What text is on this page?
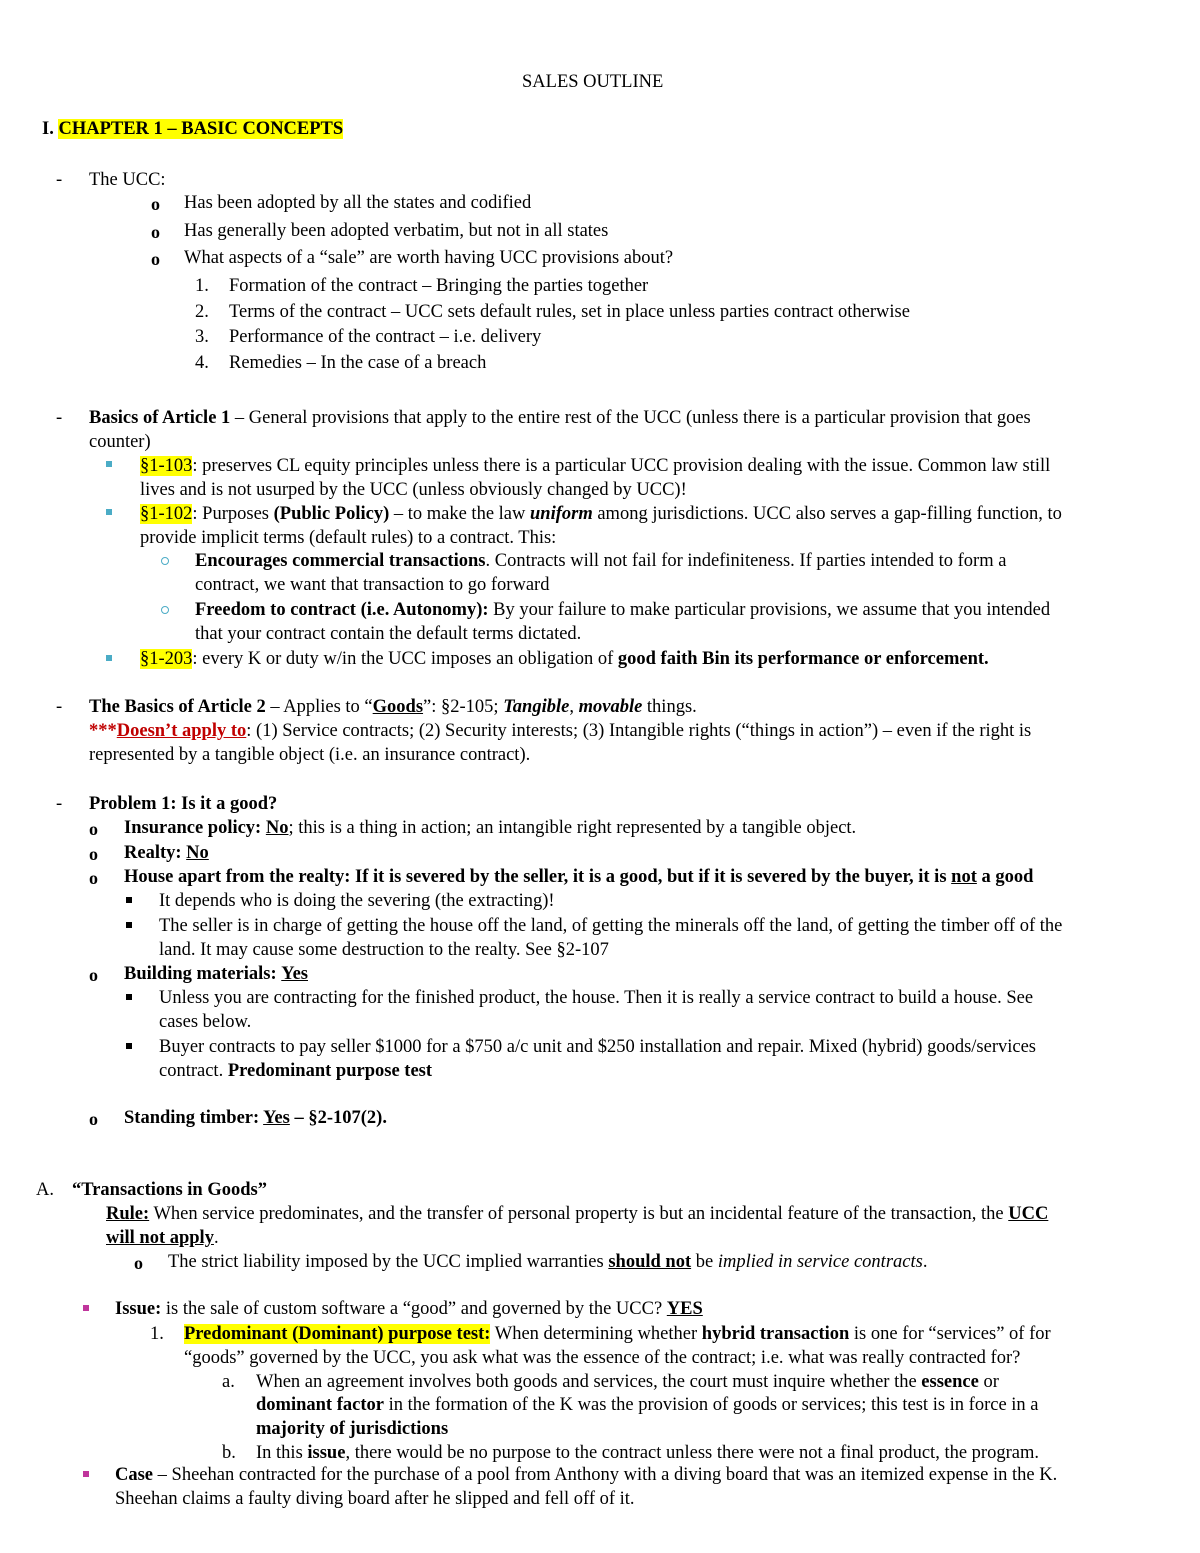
SALES OUTLINE
I. CHAPTER 1 – BASIC CONCEPTS
- The UCC:
o Has been adopted by all the states and codified
o Has generally been adopted verbatim, but not in all states
o What aspects of a “sale” are worth having UCC provisions about?
1. Formation of the contract – Bringing the parties together
2. Terms of the contract – UCC sets default rules, set in place unless parties contract otherwise
3. Performance of the contract – i.e. delivery
4. Remedies – In the case of a breach
- Basics of Article 1 – General provisions that apply to the entire rest of the UCC (unless there is a particular provision that goes
counter)
§1-103: preserves CL equity principles unless there is a particular UCC provision dealing with the issue. Common law still
lives and is not usurped by the UCC (unless obviously changed by UCC)!
§1-102: Purposes (Public Policy) – to make the law uniform among jurisdictions. UCC also serves a gap-filling function, to
provide implicit terms (default rules) to a contract. This:
Encourages commercial transactions. Contracts will not fail for indefiniteness. If parties intended to form a
contract, we want that transaction to go forward
Freedom to contract (i.e. Autonomy): By your failure to make particular provisions, we assume that you intended
that your contract contain the default terms dictated.
§1-203: every K or duty w/in the UCC imposes an obligation of good faith Bin its performance or enforcement.
- The Basics of Article 2 – Applies to “Goods”: §2-105; Tangible, movable things.
***Doesn’t apply to: (1) Service contracts; (2) Security interests; (3) Intangible rights (“things in action”) – even if the right is
represented by a tangible object (i.e. an insurance contract).
- Problem 1: Is it a good?
o Insurance policy: No; this is a thing in action; an intangible right represented by a tangible object.
o Realty: No
o House apart from the realty: If it is severed by the seller, it is a good, but if it is severed by the buyer, it is not a good
It depends who is doing the severing (the extracting)!
The seller is in charge of getting the house off the land, of getting the minerals off the land, of getting the timber off of the
land. It may cause some destruction to the realty. See §2-107
o Building materials: Yes
Unless you are contracting for the finished product, the house. Then it is really a service contract to build a house. See
cases below.
Buyer contracts to pay seller $1000 for a $750 a/c unit and $250 installation and repair. Mixed (hybrid) goods/services
contract. Predominant purpose test
o Standing timber: Yes – §2-107(2).
A. “Transactions in Goods”
Rule: When service predominates, and the transfer of personal property is but an incidental feature of the transaction, the UCC
will not apply.
o The strict liability imposed by the UCC implied warranties should not be implied in service contracts.
Issue: is the sale of custom software a “good” and governed by the UCC? YES
1. Predominant (Dominant) purpose test: When determining whether hybrid transaction is one for “services” of for
“goods” governed by the UCC, you ask what was the essence of the contract; i.e. what was really contracted for?
a. When an agreement involves both goods and services, the court must inquire whether the essence or
dominant factor in the formation of the K was the provision of goods or services; this test is in force in a
majority of jurisdictions
b. In this issue, there would be no purpose to the contract unless there were not a final product, the program.
Case – Sheehan contracted for the purchase of a pool from Anthony with a diving board that was an itemized expense in the K.
Sheehan claims a faulty diving board after he slipped and fell off of it.
